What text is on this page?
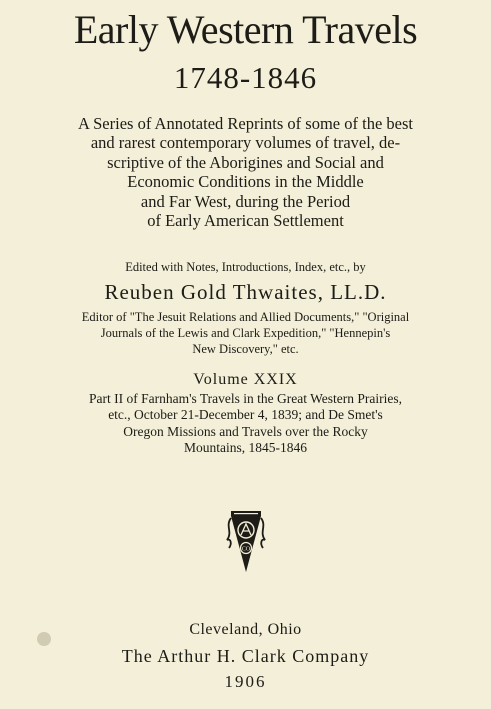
Early Western Travels
1748-1846
A Series of Annotated Reprints of some of the best
and rarest contemporary volumes of travel, de-
scriptive of the Aborigines and Social and
Economic Conditions in the Middle
and Far West, during the Period
of Early American Settlement
Edited with Notes, Introductions, Index, etc., by
Reuben Gold Thwaites, LL.D.
Editor of "The Jesuit Relations and Allied Documents," "Original
Journals of the Lewis and Clark Expedition," "Hennepin's
New Discovery," etc.
Volume XXIX
Part II of Farnham's Travels in the Great Western Prairies,
etc., October 21-December 4, 1839; and De Smet's
Oregon Missions and Travels over the Rocky
Mountains, 1845-1846
CO
Cleveland, Ohio
The Arthur H. Clark Company
1906
